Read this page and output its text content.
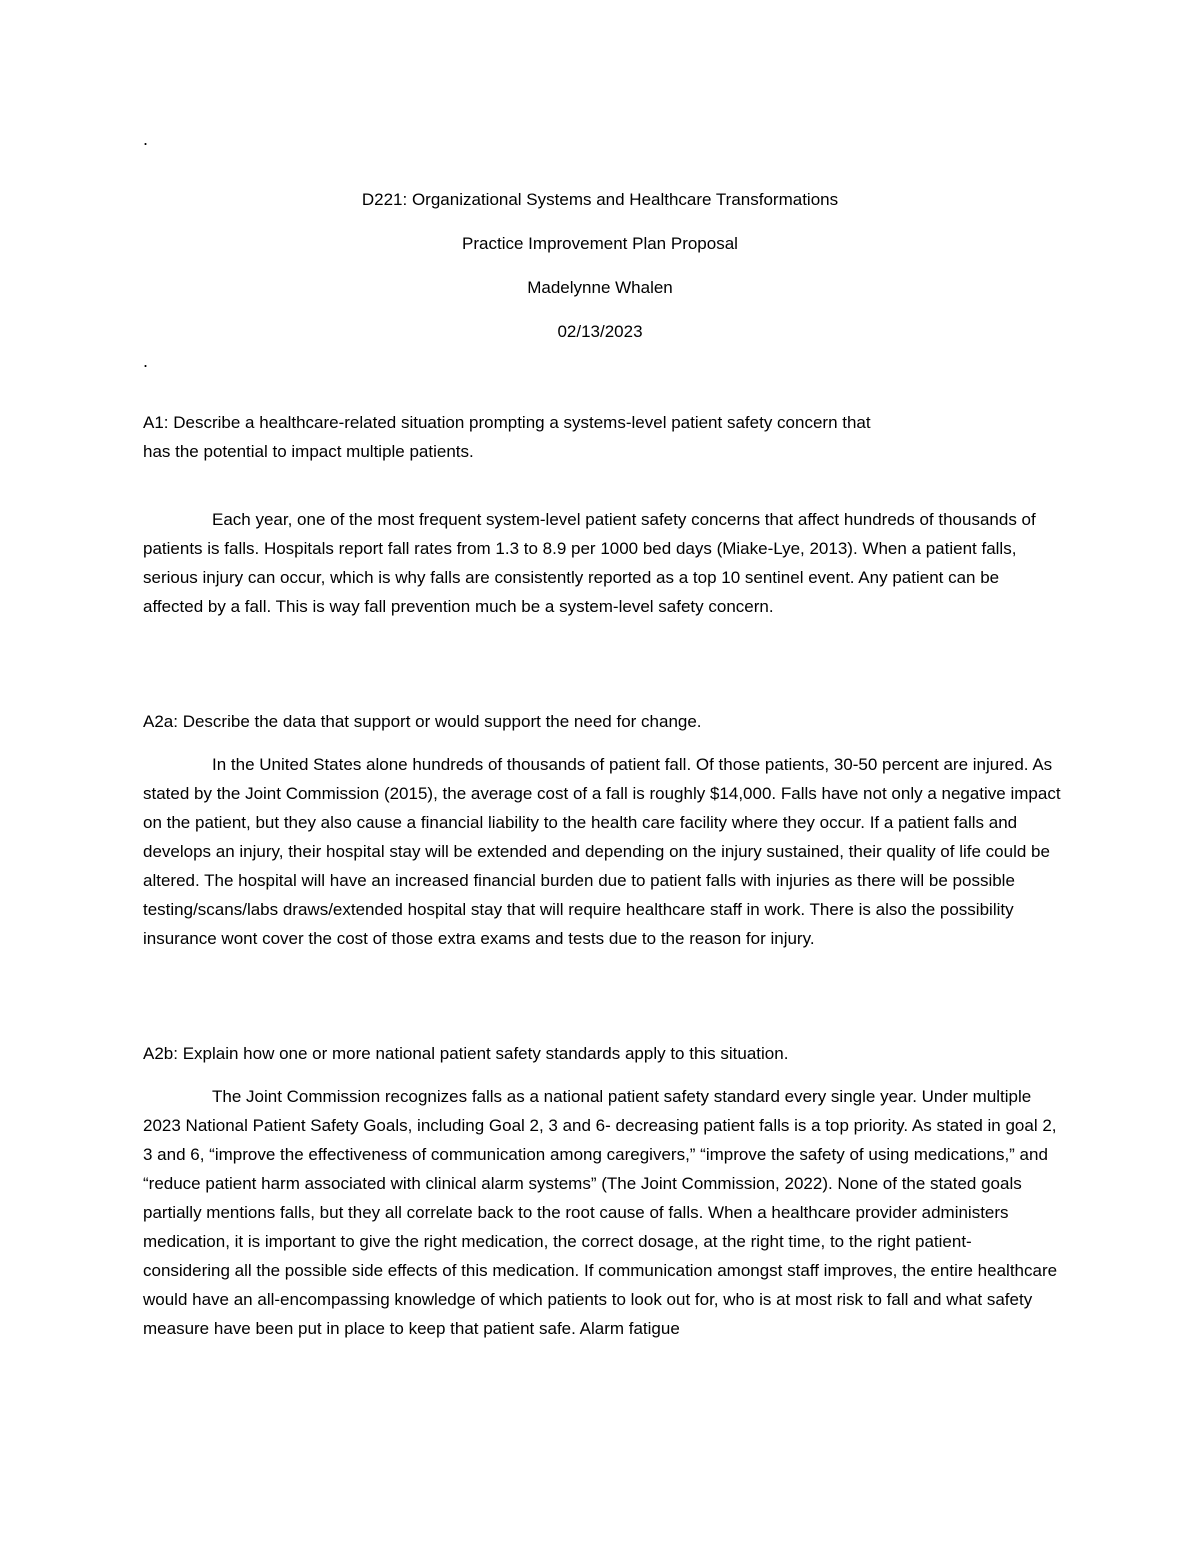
.
D221: Organizational Systems and Healthcare Transformations
Practice Improvement Plan Proposal
Madelynne Whalen
02/13/2023
.

A1: Describe a healthcare-related situation prompting a systems-level patient safety concern that has the potential to impact multiple patients.

Each year, one of the most frequent system-level patient safety concerns that affect hundreds of thousands of patients is falls. Hospitals report fall rates from 1.3 to 8.9 per 1000 bed days (Miake-Lye, 2013). When a patient falls, serious injury can occur, which is why falls are consistently reported as a top 10 sentinel event. Any patient can be affected by a fall. This is way fall prevention much be a system-level safety concern.

A2a: Describe the data that support or would support the need for change.

In the United States alone hundreds of thousands of patient fall. Of those patients, 30-50 percent are injured. As stated by the Joint Commission (2015), the average cost of a fall is roughly $14,000. Falls have not only a negative impact on the patient, but they also cause a financial liability to the health care facility where they occur. If a patient falls and develops an injury, their hospital stay will be extended and depending on the injury sustained, their quality of life could be altered. The hospital will have an increased financial burden due to patient falls with injuries as there will be possible testing/scans/labs draws/extended hospital stay that will require healthcare staff in work. There is also the possibility insurance wont cover the cost of those extra exams and tests due to the reason for injury.

A2b: Explain how one or more national patient safety standards apply to this situation.

The Joint Commission recognizes falls as a national patient safety standard every single year. Under multiple 2023 National Patient Safety Goals, including Goal 2, 3 and 6- decreasing patient falls is a top priority. As stated in goal 2, 3 and 6, “improve the effectiveness of communication among caregivers,” “improve the safety of using medications,” and “reduce patient harm associated with clinical alarm systems” (The Joint Commission, 2022). None of the stated goals partially mentions falls, but they all correlate back to the root cause of falls. When a healthcare provider administers medication, it is important to give the right medication, the correct dosage, at the right time, to the right patient- considering all the possible side effects of this medication. If communication amongst staff improves, the entire healthcare would have an all-encompassing knowledge of which patients to look out for, who is at most risk to fall and what safety measure have been put in place to keep that patient safe. Alarm fatigue
